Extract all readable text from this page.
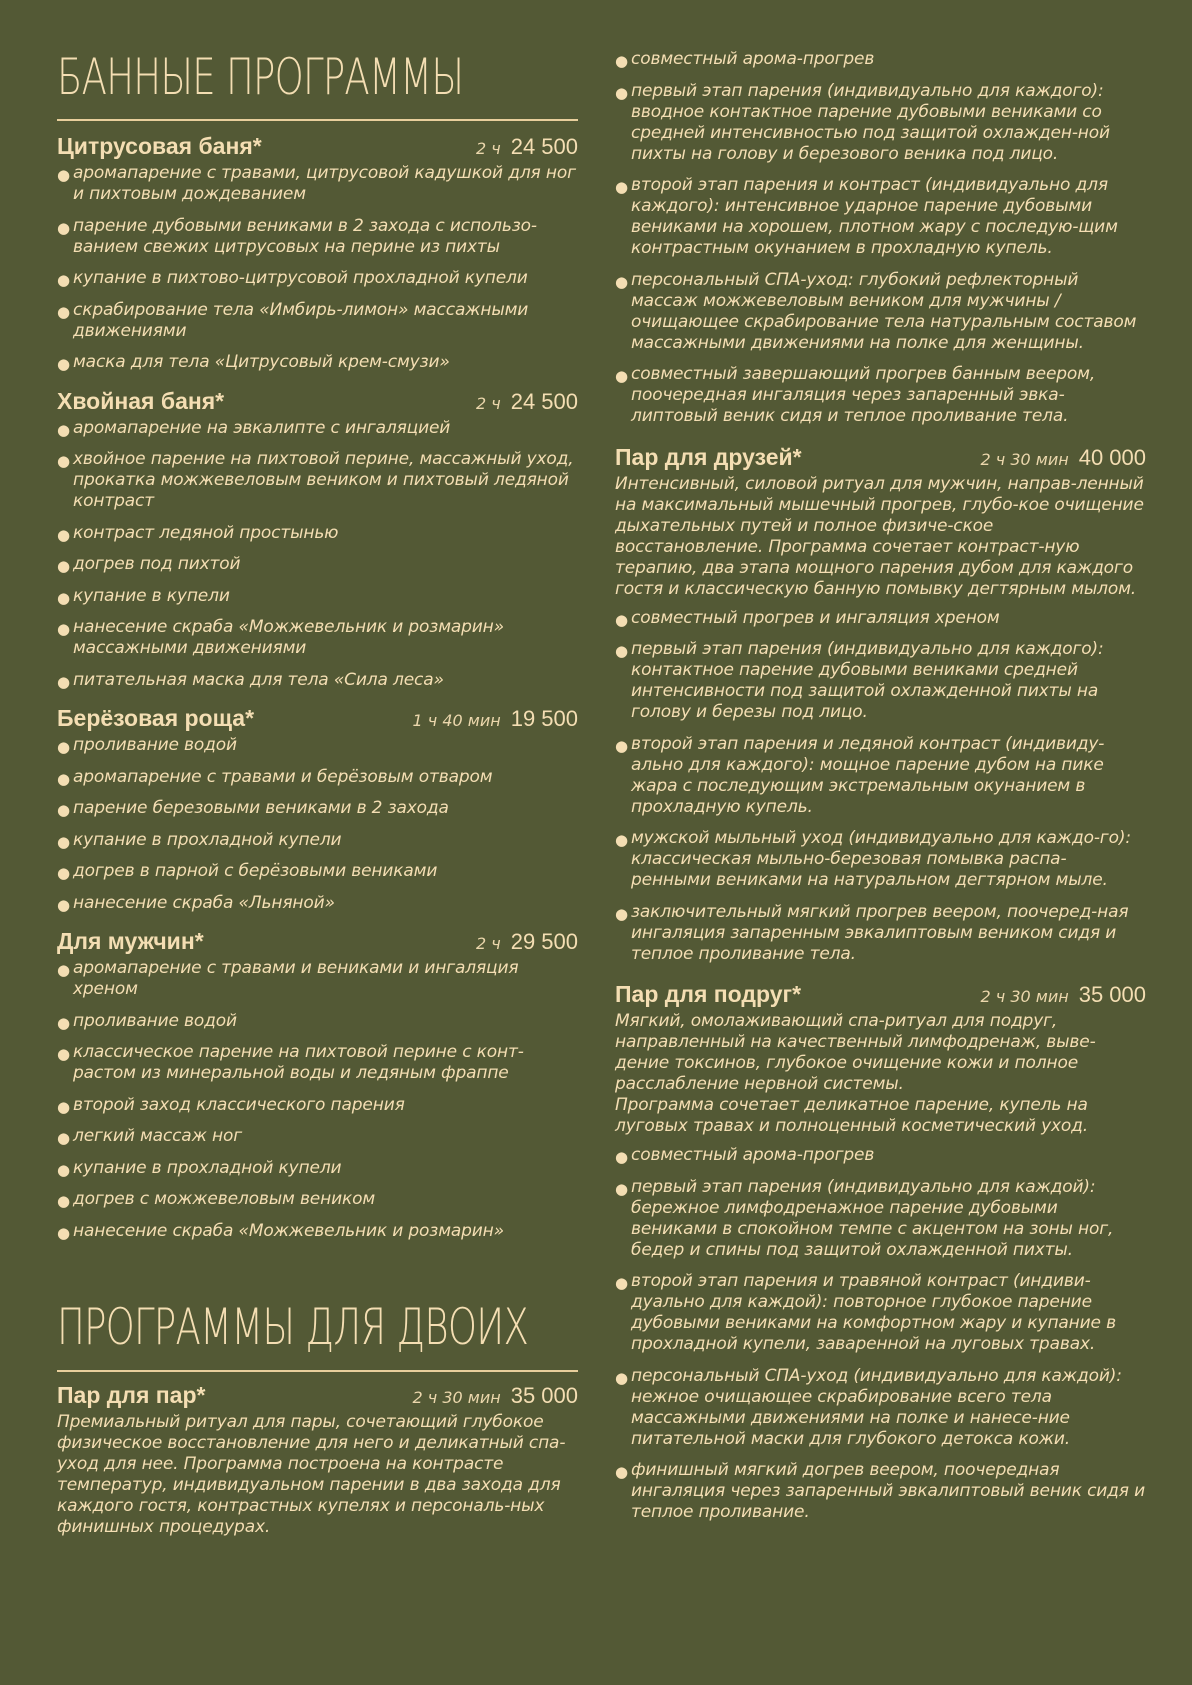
БАННЫЕ ПРОГРАММЫ
Цитрусовая баня*	2 ч 24 500
● аромапарение с травами, цитрусовой кадушкой для ног и пихтовым дождеванием
● парение дубовыми вениками в 2 захода с использо-ванием свежих цитрусовых на перине из пихты
● купание в пихтово-цитрусовой прохладной купели
● скрабирование тела «Имбирь-лимон» массажными движениями
● маска для тела «Цитрусовый крем-смузи»
Хвойная баня*	2 ч 24 500
● аромапарение на эвкалипте с ингаляцией
● хвойное парение на пихтовой перине, массажный уход, прокатка можжевеловым веником и пихтовый ледяной контраст
● контраст ледяной простынью
● догрев под пихтой
● купание в купели
● нанесение скраба «Можжевельник и розмарин» массажными движениями
● питательная маска для тела «Сила леса»
Берёзовая роща*	1 ч 40 мин 19 500
● проливание водой
● аромапарение с травами и берёзовым отваром
● парение березовыми вениками в 2 захода
● купание в прохладной купели
● догрев в парной с берёзовыми вениками
● нанесение скраба «Льняной»
Для мужчин*	2 ч 29 500
● аромапарение с травами и вениками и ингаляция хреном
● проливание водой
● классическое парение на пихтовой перине с конт-растом из минеральной воды и ледяным фраппе
● второй заход классического парения
● легкий массаж ног
● купание в прохладной купели
● догрев с можжевеловым веником
● нанесение скраба «Можжевельник и розмарин»
ПРОГРАММЫ ДЛЯ ДВОИХ
Пар для пар*	2 ч 30 мин 35 000
Премиальный ритуал для пары, сочетающий глубокое физическое восстановление для него и деликатный спа-уход для нее. Программа построена на контрасте температур, индивидуальном парении в два захода для каждого гостя, контрастных купелях и персональ-ных финишных процедурах.
● совместный арома-прогрев
● первый этап парения (индивидуально для каждого): вводное контактное парение дубовыми вениками со средней интенсивностью под защитой охлажден-ной пихты на голову и березового веника под лицо.
● второй этап парения и контраст (индивидуально для каждого): интенсивное ударное парение дубовыми вениками на хорошем, плотном жару с последую-щим контрастным окунанием в прохладную купель.
● персональный СПА-уход: глубокий рефлекторный массаж можжевеловым веником для мужчины / очищающее скрабирование тела натуральным составом массажными движениями на полке для женщины.
● совместный завершающий прогрев банным веером, поочередная ингаляция через запаренный эвка-липтовый веник сидя и теплое проливание тела.
Пар для друзей*	2 ч 30 мин 40 000
Интенсивный, силовой ритуал для мужчин, направ-ленный на максимальный мышечный прогрев, глубо-кое очищение дыхательных путей и полное физиче-ское восстановление. Программа сочетает контраст-ную терапию, два этапа мощного парения дубом для каждого гостя и классическую банную помывку дегтярным мылом.
● совместный прогрев и ингаляция хреном
● первый этап парения (индивидуально для каждого): контактное парение дубовыми вениками средней интенсивности под защитой охлажденной пихты на голову и березы под лицо.
● второй этап парения и ледяной контраст (индивиду-ально для каждого): мощное парение дубом на пике жара с последующим экстремальным окунанием в прохладную купель.
● мужской мыльный уход (индивидуально для каждо-го): классическая мыльно-березовая помывка распа-ренными вениками на натуральном дегтярном мыле.
● заключительный мягкий прогрев веером, поочеред-ная ингаляция запаренным эвкалиптовым веником сидя и теплое проливание тела.
Пар для подруг*	2 ч 30 мин 35 000
Мягкий, омолаживающий спа-ритуал для подруг, направленный на качественный лимфодренаж, выве-дение токсинов, глубокое очищение кожи и полное расслабление нервной системы.
Программа сочетает деликатное парение, купель на луговых травах и полноценный косметический уход.
● совместный арома-прогрев
● первый этап парения (индивидуально для каждой): бережное лимфодренажное парение дубовыми вениками в спокойном темпе с акцентом на зоны ног, бедер и спины под защитой охлажденной пихты.
● второй этап парения и травяной контраст (индиви-дуально для каждой): повторное глубокое парение дубовыми вениками на комфортном жару и купание в прохладной купели, заваренной на луговых травах.
● персональный СПА-уход (индивидуально для каждой): нежное очищающее скрабирование всего тела массажными движениями на полке и нанесе-ние питательной маски для глубокого детокса кожи.
● финишный мягкий догрев веером, поочередная ингаляция через запаренный эвкалиптовый веник сидя и теплое проливание.
